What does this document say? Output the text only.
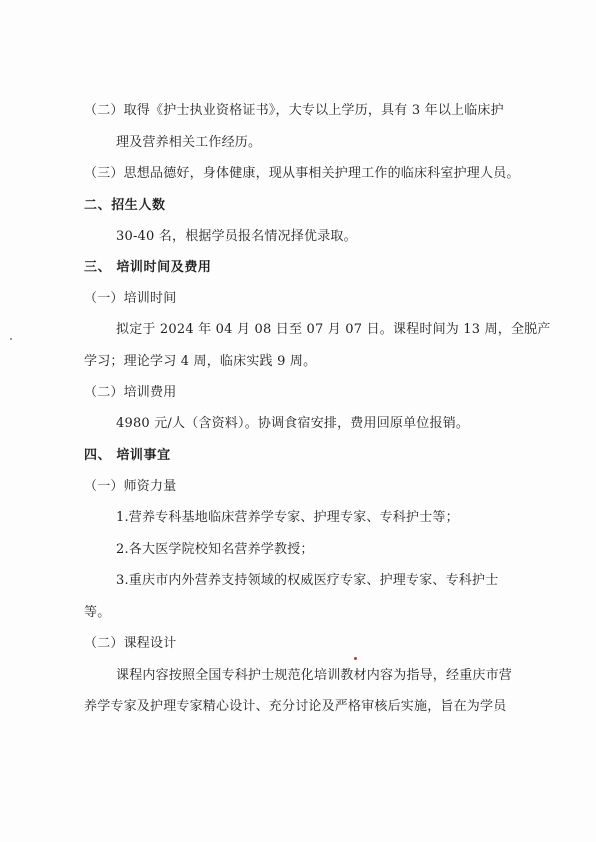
（二）取得《护士执业资格证书》，大专以上学历，具有 3 年以上临床护
理及营养相关工作经历。
（三）思想品德好，身体健康，现从事相关护理工作的临床科室护理人员。
二、招生人数
30-40 名，根据学员报名情况择优录取。
三、 培训时间及费用
（一）培训时间
拟定于 2024 年 04 月 08 日至 07 月 07 日。课程时间为 13 周，全脱产
学习；理论学习 4 周，临床实践 9 周。
（二）培训费用
4980 元/人（含资料）。协调食宿安排，费用回原单位报销。
四、 培训事宜
（一）师资力量
1.营养专科基地临床营养学专家、护理专家、专科护士等；
2.各大医学院校知名营养学教授；
3.重庆市内外营养支持领域的权威医疗专家、护理专家、专科护士
等。
（二）课程设计
课程内容按照全国专科护士规范化培训教材内容为指导，经重庆市营
养学专家及护理专家精心设计、充分讨论及严格审核后实施，旨在为学员
